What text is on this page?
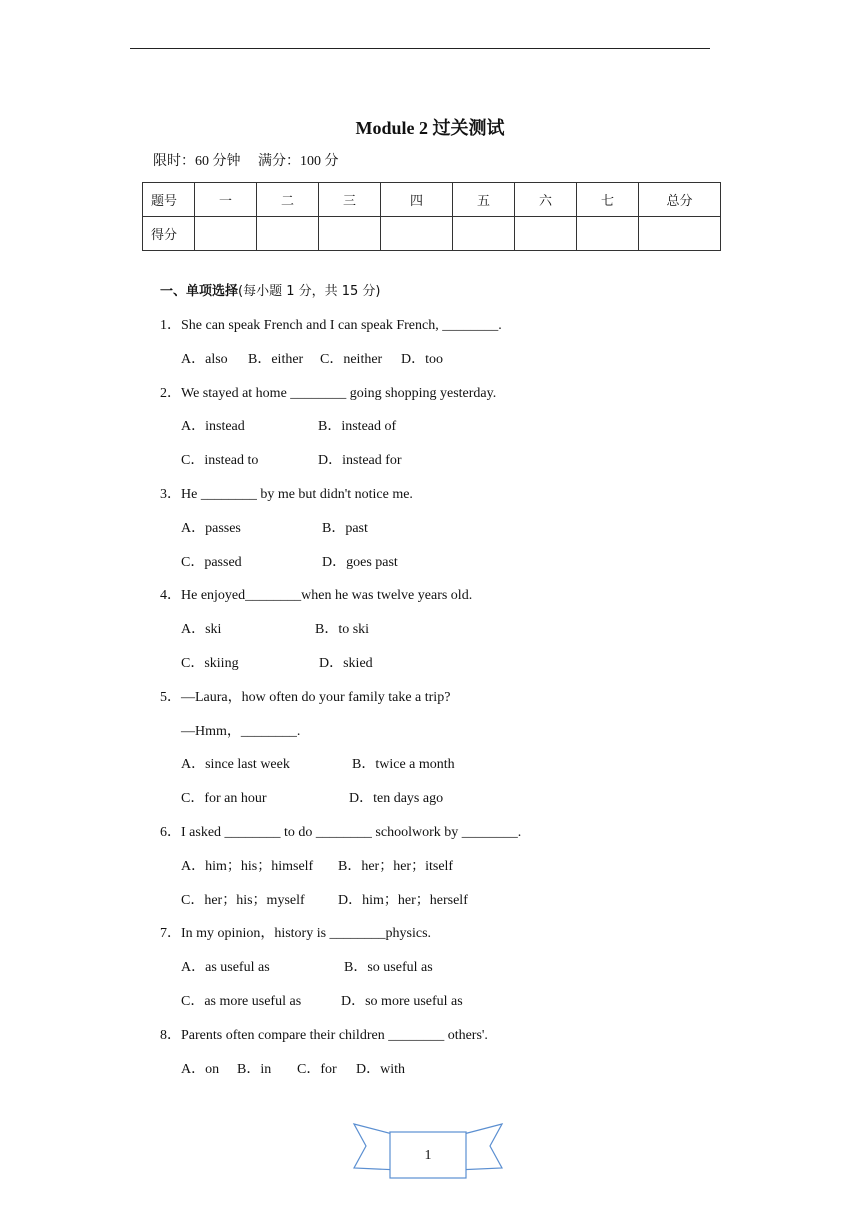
Module 2 过关测试
限时：60 分钟 满分：100 分
题号	一	二	三	四	五	六	七	总分
得分								
一、单项选择(每小题 1 分，共 15 分)
1．She can speak French and I can speak French, ________.
A．also B．either C．neither D．too
2．We stayed at home ________ going shopping yesterday.
A．instead	B．instead of
C．instead to	D．instead for
3．He ________ by me but didn't notice me.
A．passes	B．past
C．passed	D．goes past
4．He enjoyed________when he was twelve years old.
A．ski	B．to ski
C．skiing	D．skied
5．—Laura，how often do your family take a trip?
—Hmm，________.
A．since last week	B．twice a month
C．for an hour	D．ten days ago
6．I asked ________ to do ________ schoolwork by ________.
A．him；his；himself B．her；her；itself
C．her；his；myself D．him；her；herself
7．In my opinion，history is ________physics.
A．as useful as	B．so useful as
C．as more useful as	D．so more useful as
8．Parents often compare their children ________ others'.
A．on B．in C．for D．with
1
